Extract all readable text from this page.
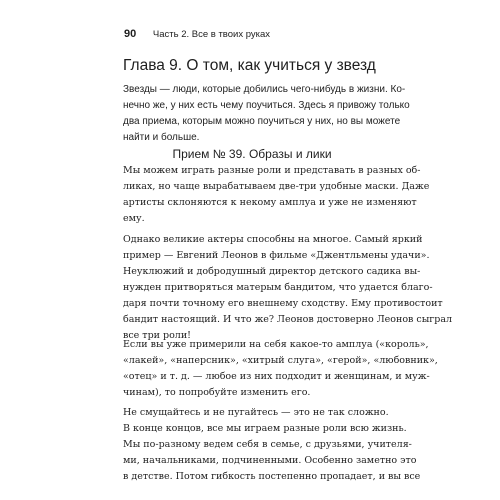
90 Часть 2. Все в твоих руках
Глава 9. О том, как учиться у звезд
Звезды — люди, которые добились чего-нибудь в жизни. Ко-
нечно же, у них есть чему поучиться. Здесь я привожу только
два приема, которым можно поучиться у них, но вы можете
найти и больше.
Прием № 39. Образы и лики
Мы можем играть разные роли и представать в разных об-
ликах, но чаще вырабатываем две-три удобные маски. Даже
артисты склоняются к некому амплуа и уже не изменяют
ему.
Однако великие актеры способны на многое. Самый яркий
пример — Евгений Леонов в фильме «Джентльмены удачи».
Неуклюжий и добродушный директор детского садика вы-
нужден притворяться матерым бандитом, что удается благо-
даря почти точному его внешнему сходству. Ему противостоит
бандит настоящий. И что же? Леонов достоверно Леонов сыграл
все три роли!
Если вы уже примерили на себя какое-то амплуа («король»,
«лакей», «наперсник», «хитрый слуга», «герой», «любовник»,
«отец» и т. д. — любое из них подходит и женщинам, и муж-
чинам), то попробуйте изменить его.
Не смущайтесь и не пугайтесь — это не так сложно.
В конце концов, все мы играем разные роли всю жизнь.
Мы по-разному ведем себя в семье, с друзьями, учителя-
ми, начальниками, подчиненными. Особенно заметно это
в детстве. Потом гибкость постепенно пропадает, и вы все
